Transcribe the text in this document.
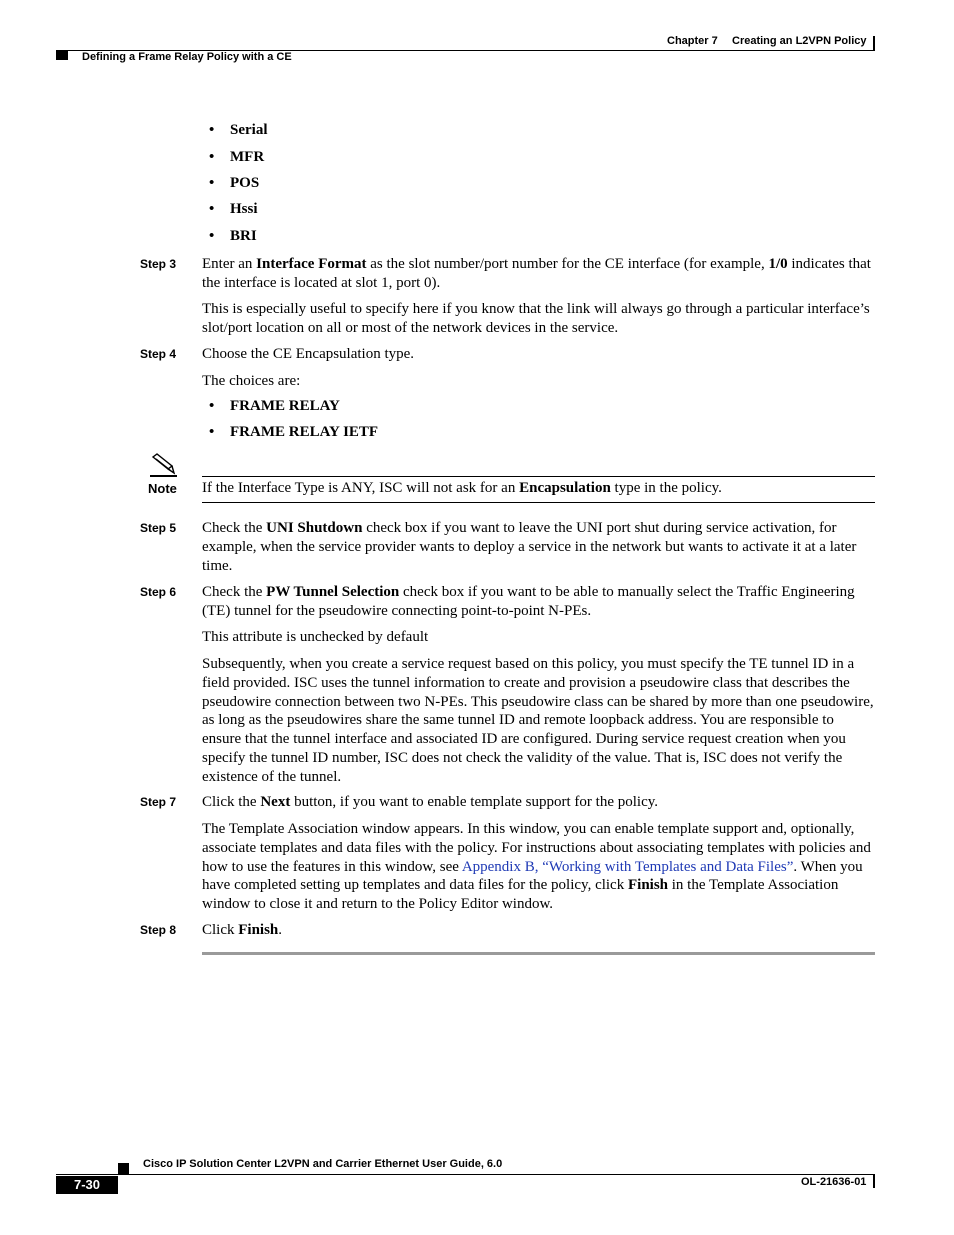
Chapter 7 Creating an L2VPN Policy
Defining a Frame Relay Policy with a CE
• Serial
• MFR
• POS
• Hssi
• BRI
Step 3 Enter an Interface Format as the slot number/port number for the CE interface (for example, 1/0 indicates that the interface is located at slot 1, port 0).
This is especially useful to specify here if you know that the link will always go through a particular interface’s slot/port location on all or most of the network devices in the service.
Step 4 Choose the CE Encapsulation type.
The choices are:
• FRAME RELAY
• FRAME RELAY IETF
Note If the Interface Type is ANY, ISC will not ask for an Encapsulation type in the policy.
Step 5 Check the UNI Shutdown check box if you want to leave the UNI port shut during service activation, for example, when the service provider wants to deploy a service in the network but wants to activate it at a later time.
Step 6 Check the PW Tunnel Selection check box if you want to be able to manually select the Traffic Engineering (TE) tunnel for the pseudowire connecting point-to-point N-PEs.
This attribute is unchecked by default
Subsequently, when you create a service request based on this policy, you must specify the TE tunnel ID in a field provided. ISC uses the tunnel information to create and provision a pseudowire class that describes the pseudowire connection between two N-PEs. This pseudowire class can be shared by more than one pseudowire, as long as the pseudowires share the same tunnel ID and remote loopback address. You are responsible to ensure that the tunnel interface and associated ID are configured. During service request creation when you specify the tunnel ID number, ISC does not check the validity of the value. That is, ISC does not verify the existence of the tunnel.
Step 7 Click the Next button, if you want to enable template support for the policy.
The Template Association window appears. In this window, you can enable template support and, optionally, associate templates and data files with the policy. For instructions about associating templates with policies and how to use the features in this window, see Appendix B, “Working with Templates and Data Files”. When you have completed setting up templates and data files for the policy, click Finish in the Template Association window to close it and return to the Policy Editor window.
Step 8 Click Finish.
Cisco IP Solution Center L2VPN and Carrier Ethernet User Guide, 6.0
7-30	OL-21636-01
